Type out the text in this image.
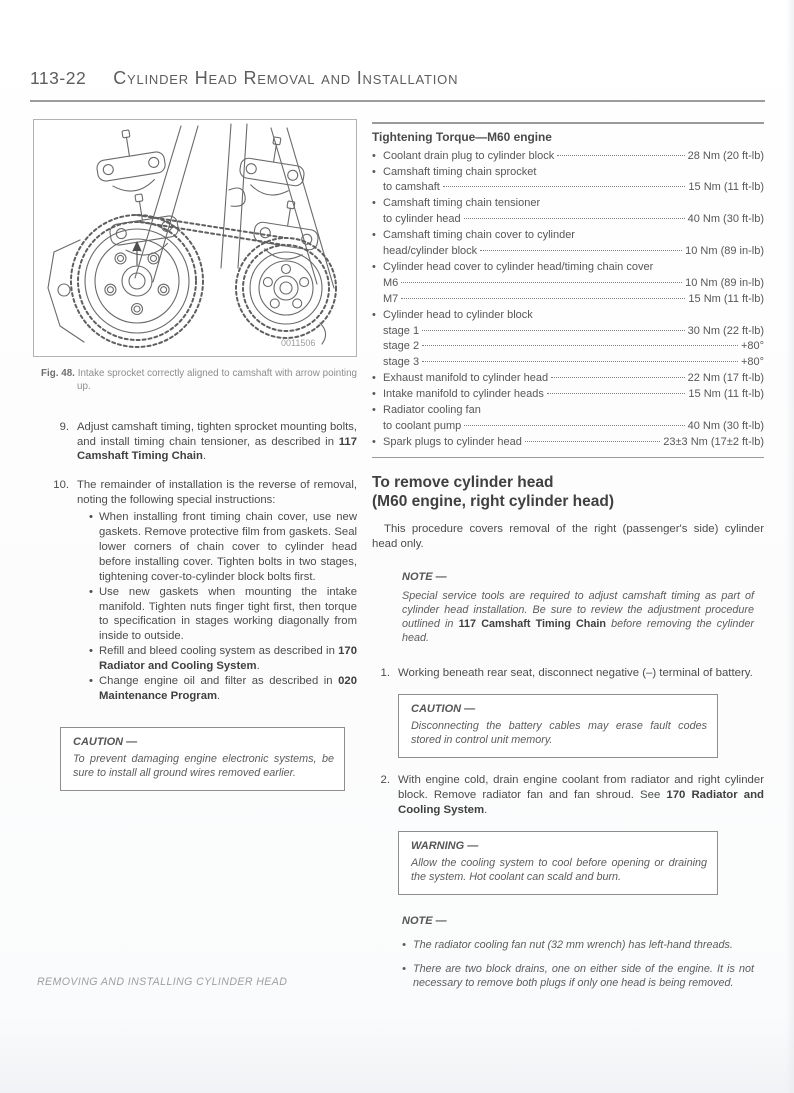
113-22 Cylinder Head Removal and Installation
0011506
Fig. 48. Intake sprocket correctly aligned to camshaft with arrow pointing up.
9. Adjust camshaft timing, tighten sprocket mounting bolts, and install timing chain tensioner, as described in 117 Camshaft Timing Chain.
10. The remainder of installation is the reverse of removal, noting the following special instructions:
• When installing front timing chain cover, use new gaskets. Remove protective film from gaskets. Seal lower corners of chain cover to cylinder head before installing cover. Tighten bolts in two stages, tightening cover-to-cylinder block bolts first.
• Use new gaskets when mounting the intake manifold. Tighten nuts finger tight first, then torque to specification in stages working diagonally from inside to outside.
• Refill and bleed cooling system as described in 170 Radiator and Cooling System.
• Change engine oil and filter as described in 020 Maintenance Program.
CAUTION —
To prevent damaging engine electronic systems, be sure to install all ground wires removed earlier.
Tightening Torque—M60 engine
• Coolant drain plug to cylinder block	28 Nm (20 ft-lb)
• Camshaft timing chain sprocket
to camshaft	15 Nm (11 ft-lb)
• Camshaft timing chain tensioner
to cylinder head	40 Nm (30 ft-lb)
• Camshaft timing chain cover to cylinder
head/cylinder block	10 Nm (89 in-lb)
• Cylinder head cover to cylinder head/timing chain cover
M6	10 Nm (89 in-lb)
M7	15 Nm (11 ft-lb)
• Cylinder head to cylinder block
stage 1	30 Nm (22 ft-lb)
stage 2	+80°
stage 3	+80°
• Exhaust manifold to cylinder head	22 Nm (17 ft-lb)
• Intake manifold to cylinder heads	15 Nm (11 ft-lb)
• Radiator cooling fan
to coolant pump	40 Nm (30 ft-lb)
• Spark plugs to cylinder head	23±3 Nm (17±2 ft-lb)
To remove cylinder head
(M60 engine, right cylinder head)
This procedure covers removal of the right (passenger's side) cylinder head only.
NOTE —
Special service tools are required to adjust camshaft timing as part of cylinder head installation. Be sure to review the adjustment procedure outlined in 117 Camshaft Timing Chain before removing the cylinder head.
1. Working beneath rear seat, disconnect negative (–) terminal of battery.
CAUTION —
Disconnecting the battery cables may erase fault codes stored in control unit memory.
2. With engine cold, drain engine coolant from radiator and right cylinder block. Remove radiator fan and fan shroud. See 170 Radiator and Cooling System.
WARNING —
Allow the cooling system to cool before opening or draining the system. Hot coolant can scald and burn.
NOTE —
• The radiator cooling fan nut (32 mm wrench) has left-hand threads.
• There are two block drains, one on either side of the engine. It is not necessary to remove both plugs if only one head is being removed.
REMOVING AND INSTALLING CYLINDER HEAD
